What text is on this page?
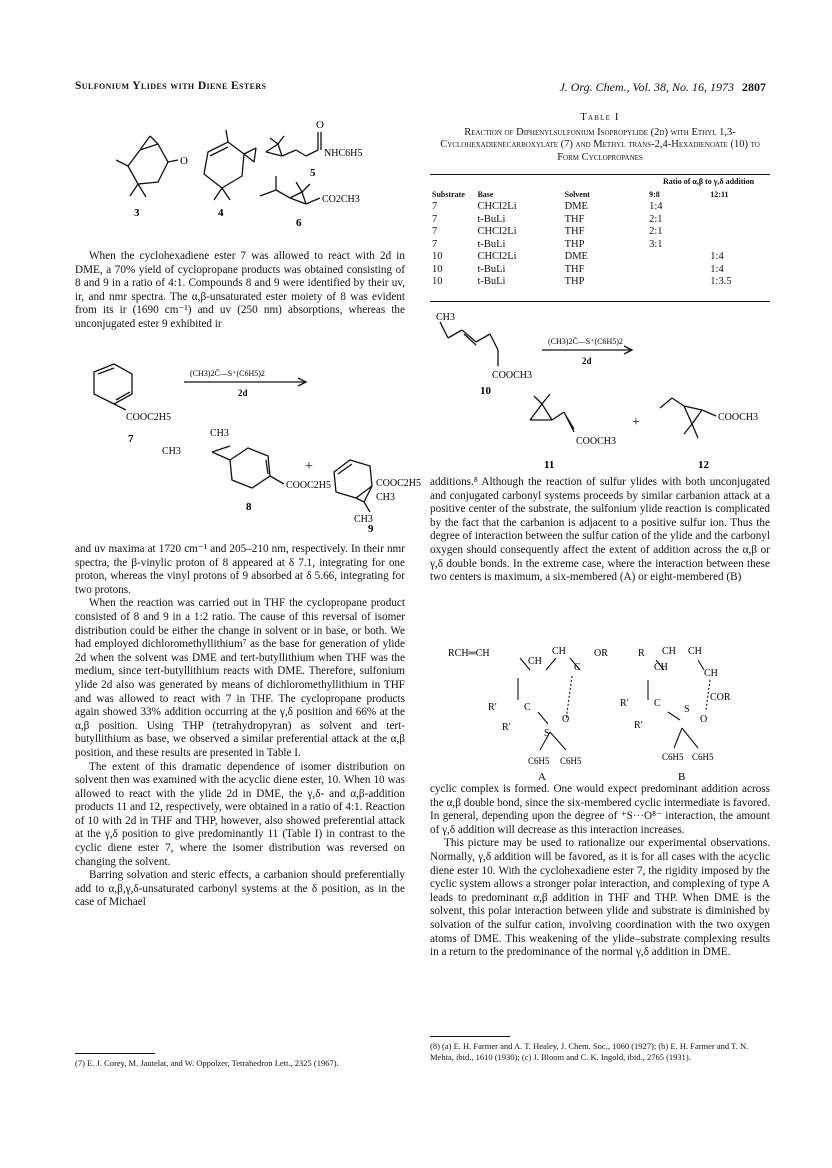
Sulfonium Ylides with Diene Esters	J. Org. Chem., Vol. 38, No. 16, 1973 2807
O
O
NHC6H5
CO2CH3
3	4
5
6

When the cyclohexadiene ester 7 was allowed to react with 2d in DME, a 70% yield of cyclopropane products was obtained consisting of 8 and 9 in a ratio of 4:1. Compounds 8 and 9 were identified by their uv, ir, and nmr spectra. The α,β-unsaturated ester moiety of 8 was evident from its ir (1690 cm⁻¹) and uv (250 nm) absorptions, whereas the unconjugated ester 9 exhibited ir

(CH3)2C̄—S⁺(C6H5)2
2d
COOC2H5
7	CH3
CH3
COOC2H5
8
+
COOC2H5
CH3
CH3
9

and uv maxima at 1720 cm⁻¹ and 205–210 nm, respectively. In their nmr spectra, the β-vinylic proton of 8 appeared at δ 7.1, integrating for one proton, whereas the vinyl protons of 9 absorbed at δ 5.66, integrating for two protons.

When the reaction was carried out in THF the cyclopropane product consisted of 8 and 9 in a 1:2 ratio. The cause of this reversal of isomer distribution could be either the change in solvent or in base, or both. We had employed dichloromethyllithium⁷ as the base for generation of ylide 2d when the solvent was DME and tert-butyllithium when THF was the medium, since tert-butyllithium reacts with DME. Therefore, sulfonium ylide 2d also was generated by means of dichloromethyllithium in THF and was allowed to react with 7 in THF. The cyclopropane products again showed 33% addition occurring at the γ,δ position and 66% at the α,β position. Using THP (tetrahydropyran) as solvent and tert-butyllithium as base, we observed a similar preferential attack at the α,β position, and these results are presented in Table I.

The extent of this dramatic dependence of isomer distribution on solvent then was examined with the acyclic diene ester, 10. When 10 was allowed to react with the ylide 2d in DME, the γ,δ- and α,β-addition products 11 and 12, respectively, were obtained in a ratio of 4:1. Reaction of 10 with 2d in THF and THP, however, also showed preferential attack at the γ,δ position to give predominantly 11 (Table I) in contrast to the cyclic diene ester 7, where the isomer distribution was reversed on changing the solvent.

Barring solvation and steric effects, a carbanion should preferentially add to α,β,γ,δ-unsaturated carbonyl systems at the δ position, as in the case of Michael

(7) E. J. Corey, M. Jautelat, and W. Oppolzer, Tetrahedron Lett., 2325 (1967).
Table I
Reaction of Diphenylsulfonium Isopropylide (2d) with Ethyl 1,3-Cyclohexadienecarboxylate (7) and Methyl trans-2,4-Hexadienoate (10) to Form Cyclopropanes
			Ratio of α,β to γ,δ addition	
Substrate	Base	Solvent	9:8	12:11
7	CHCl2Li	DME	1:4	
7	t-BuLi	THF	2:1	
7	CHCl2Li	THF	2:1	
7	t-BuLi	THP	3:1	
10	CHCl2Li	DME		1:4
10	t-BuLi	THF		1:4
10	t-BuLi	THP		1:3.5
CH3
(CH3)2C̄—S⁺(C6H5)2
2d
COOCH3
10
COOCH3
11
+	COOCH3
12

additions.⁸ Although the reaction of sulfur ylides with both unconjugated and conjugated carbonyl systems proceeds by similar carbanion attack at a positive center of the substrate, the sulfonium ylide reaction is complicated by the fact that the carbanion is adjacent to a positive sulfur ion. Thus the degree of interaction between the sulfur cation of the ylide and the carbonyl oxygen should consequently affect the extent of addition across the α,β or γ,δ double bonds. In the extreme case, where the interaction between these two centers is maximum, a six-membered (A) or eight-membered (B)

RCH═CH
CH
CH
C
OR
R′	C
O
R′
S
C6H5 C6H5
A
R CH CH
CH
CH
COR
R′	C
S
O
R′
C6H5 C6H5
B

cyclic complex is formed. One would expect predominant addition across the α,β double bond, since the six-membered cyclic intermediate is favored. In general, depending upon the degree of ⁺S···O⁸⁻ interaction, the amount of γ,δ addition will decrease as this interaction increases.

This picture may be used to rationalize our experimental observations. Normally, γ,δ addition will be favored, as it is for all cases with the acyclic diene ester 10. With the cyclohexadiene ester 7, the rigidity imposed by the cyclic system allows a stronger polar interaction, and complexing of type A leads to predominant α,β addition in THF and THP. When DME is the solvent, this polar interaction between ylide and substrate is diminished by solvation of the sulfur cation, involving coordination with the two oxygen atoms of DME. This weakening of the ylide–substrate complexing results in a return to the predominance of the normal γ,δ addition in DME.

(8) (a) E. H. Farmer and A. T. Healey, J. Chem. Soc., 1060 (1927); (b) E. H. Farmer and T. N. Mehta, ibid., 1610 (1930); (c) J. Bloom and C. K. Ingold, ibid., 2765 (1931).
